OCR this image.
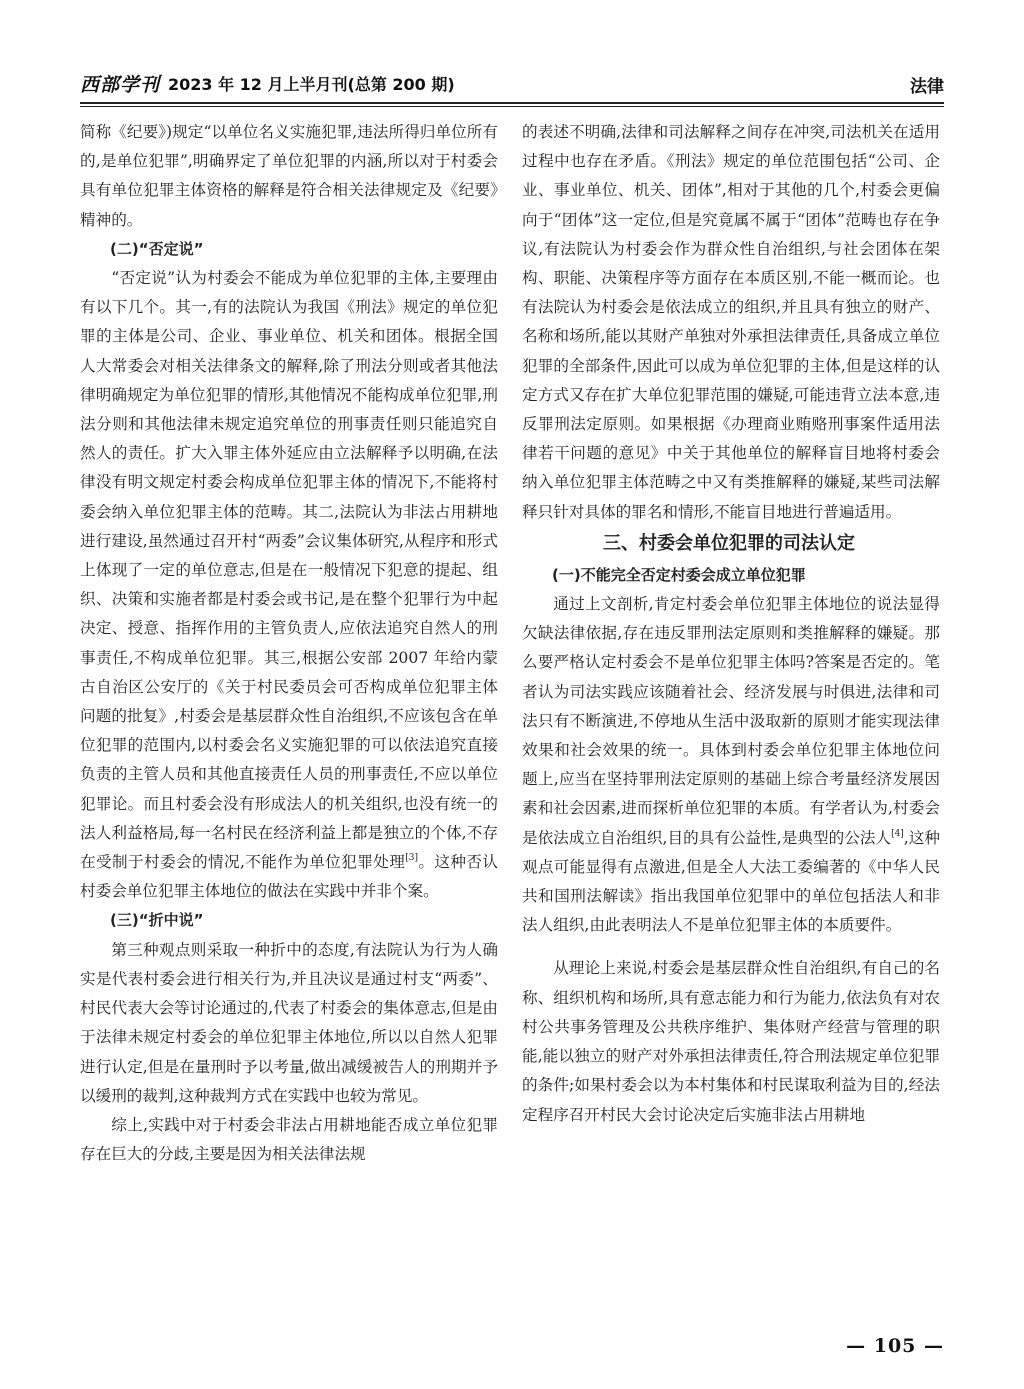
西部学刊 2023 年 12 月上半月刊(总第 200 期)	法律

简称《纪要》)规定“以单位名义实施犯罪,违法所得归单位所有的,是单位犯罪”,明确界定了单位犯罪的内涵,所以对于村委会具有单位犯罪主体资格的解释是符合相关法律规定及《纪要》精神的。

(二)“否定说”

“否定说”认为村委会不能成为单位犯罪的主体,主要理由有以下几个。其一,有的法院认为我国《刑法》规定的单位犯罪的主体是公司、企业、事业单位、机关和团体。根据全国人大常委会对相关法律条文的解释,除了刑法分则或者其他法律明确规定为单位犯罪的情形,其他情况不能构成单位犯罪,刑法分则和其他法律未规定追究单位的刑事责任则只能追究自然人的责任。扩大入罪主体外延应由立法解释予以明确,在法律没有明文规定村委会构成单位犯罪主体的情况下,不能将村委会纳入单位犯罪主体的范畴。其二,法院认为非法占用耕地进行建设,虽然通过召开村“两委”会议集体研究,从程序和形式上体现了一定的单位意志,但是在一般情况下犯意的提起、组织、决策和实施者都是村委会或书记,是在整个犯罪行为中起决定、授意、指挥作用的主管负责人,应依法追究自然人的刑事责任,不构成单位犯罪。其三,根据公安部 2007 年给内蒙古自治区公安厅的《关于村民委员会可否构成单位犯罪主体问题的批复》,村委会是基层群众性自治组织,不应该包含在单位犯罪的范围内,以村委会名义实施犯罪的可以依法追究直接负责的主管人员和其他直接责任人员的刑事责任,不应以单位犯罪论。而且村委会没有形成法人的机关组织,也没有统一的法人利益格局,每一名村民在经济利益上都是独立的个体,不存在受制于村委会的情况,不能作为单位犯罪处理[3]。这种否认村委会单位犯罪主体地位的做法在实践中并非个案。

(三)“折中说”

第三种观点则采取一种折中的态度,有法院认为行为人确实是代表村委会进行相关行为,并且决议是通过村支“两委”、村民代表大会等讨论通过的,代表了村委会的集体意志,但是由于法律未规定村委会的单位犯罪主体地位,所以以自然人犯罪进行认定,但是在量刑时予以考量,做出减缓被告人的刑期并予以缓刑的裁判,这种裁判方式在实践中也较为常见。

综上,实践中对于村委会非法占用耕地能否成立单位犯罪存在巨大的分歧,主要是因为相关法律法规

的表述不明确,法律和司法解释之间存在冲突,司法机关在适用过程中也存在矛盾。《刑法》规定的单位范围包括“公司、企业、事业单位、机关、团体”,相对于其他的几个,村委会更偏向于“团体”这一定位,但是究竟属不属于“团体”范畴也存在争议,有法院认为村委会作为群众性自治组织,与社会团体在架构、职能、决策程序等方面存在本质区别,不能一概而论。也有法院认为村委会是依法成立的组织,并且具有独立的财产、名称和场所,能以其财产单独对外承担法律责任,具备成立单位犯罪的全部条件,因此可以成为单位犯罪的主体,但是这样的认定方式又存在扩大单位犯罪范围的嫌疑,可能违背立法本意,违反罪刑法定原则。如果根据《办理商业贿赂刑事案件适用法律若干问题的意见》中关于其他单位的解释盲目地将村委会纳入单位犯罪主体范畴之中又有类推解释的嫌疑,某些司法解释只针对具体的罪名和情形,不能盲目地进行普遍适用。

三、村委会单位犯罪的司法认定

(一)不能完全否定村委会成立单位犯罪

通过上文剖析,肯定村委会单位犯罪主体地位的说法显得欠缺法律依据,存在违反罪刑法定原则和类推解释的嫌疑。那么要严格认定村委会不是单位犯罪主体吗?答案是否定的。笔者认为司法实践应该随着社会、经济发展与时俱进,法律和司法只有不断演进,不停地从生活中汲取新的原则才能实现法律效果和社会效果的统一。具体到村委会单位犯罪主体地位问题上,应当在坚持罪刑法定原则的基础上综合考量经济发展因素和社会因素,进而探析单位犯罪的本质。有学者认为,村委会是依法成立自治组织,目的具有公益性,是典型的公法人[4],这种观点可能显得有点激进,但是全人大法工委编著的《中华人民共和国刑法解读》指出我国单位犯罪中的单位包括法人和非法人组织,由此表明法人不是单位犯罪主体的本质要件。

从理论上来说,村委会是基层群众性自治组织,有自己的名称、组织机构和场所,具有意志能力和行为能力,依法负有对农村公共事务管理及公共秩序维护、集体财产经营与管理的职能,能以独立的财产对外承担法律责任,符合刑法规定单位犯罪的条件;如果村委会以为本村集体和村民谋取利益为目的,经法定程序召开村民大会讨论决定后实施非法占用耕地

— 105 —
